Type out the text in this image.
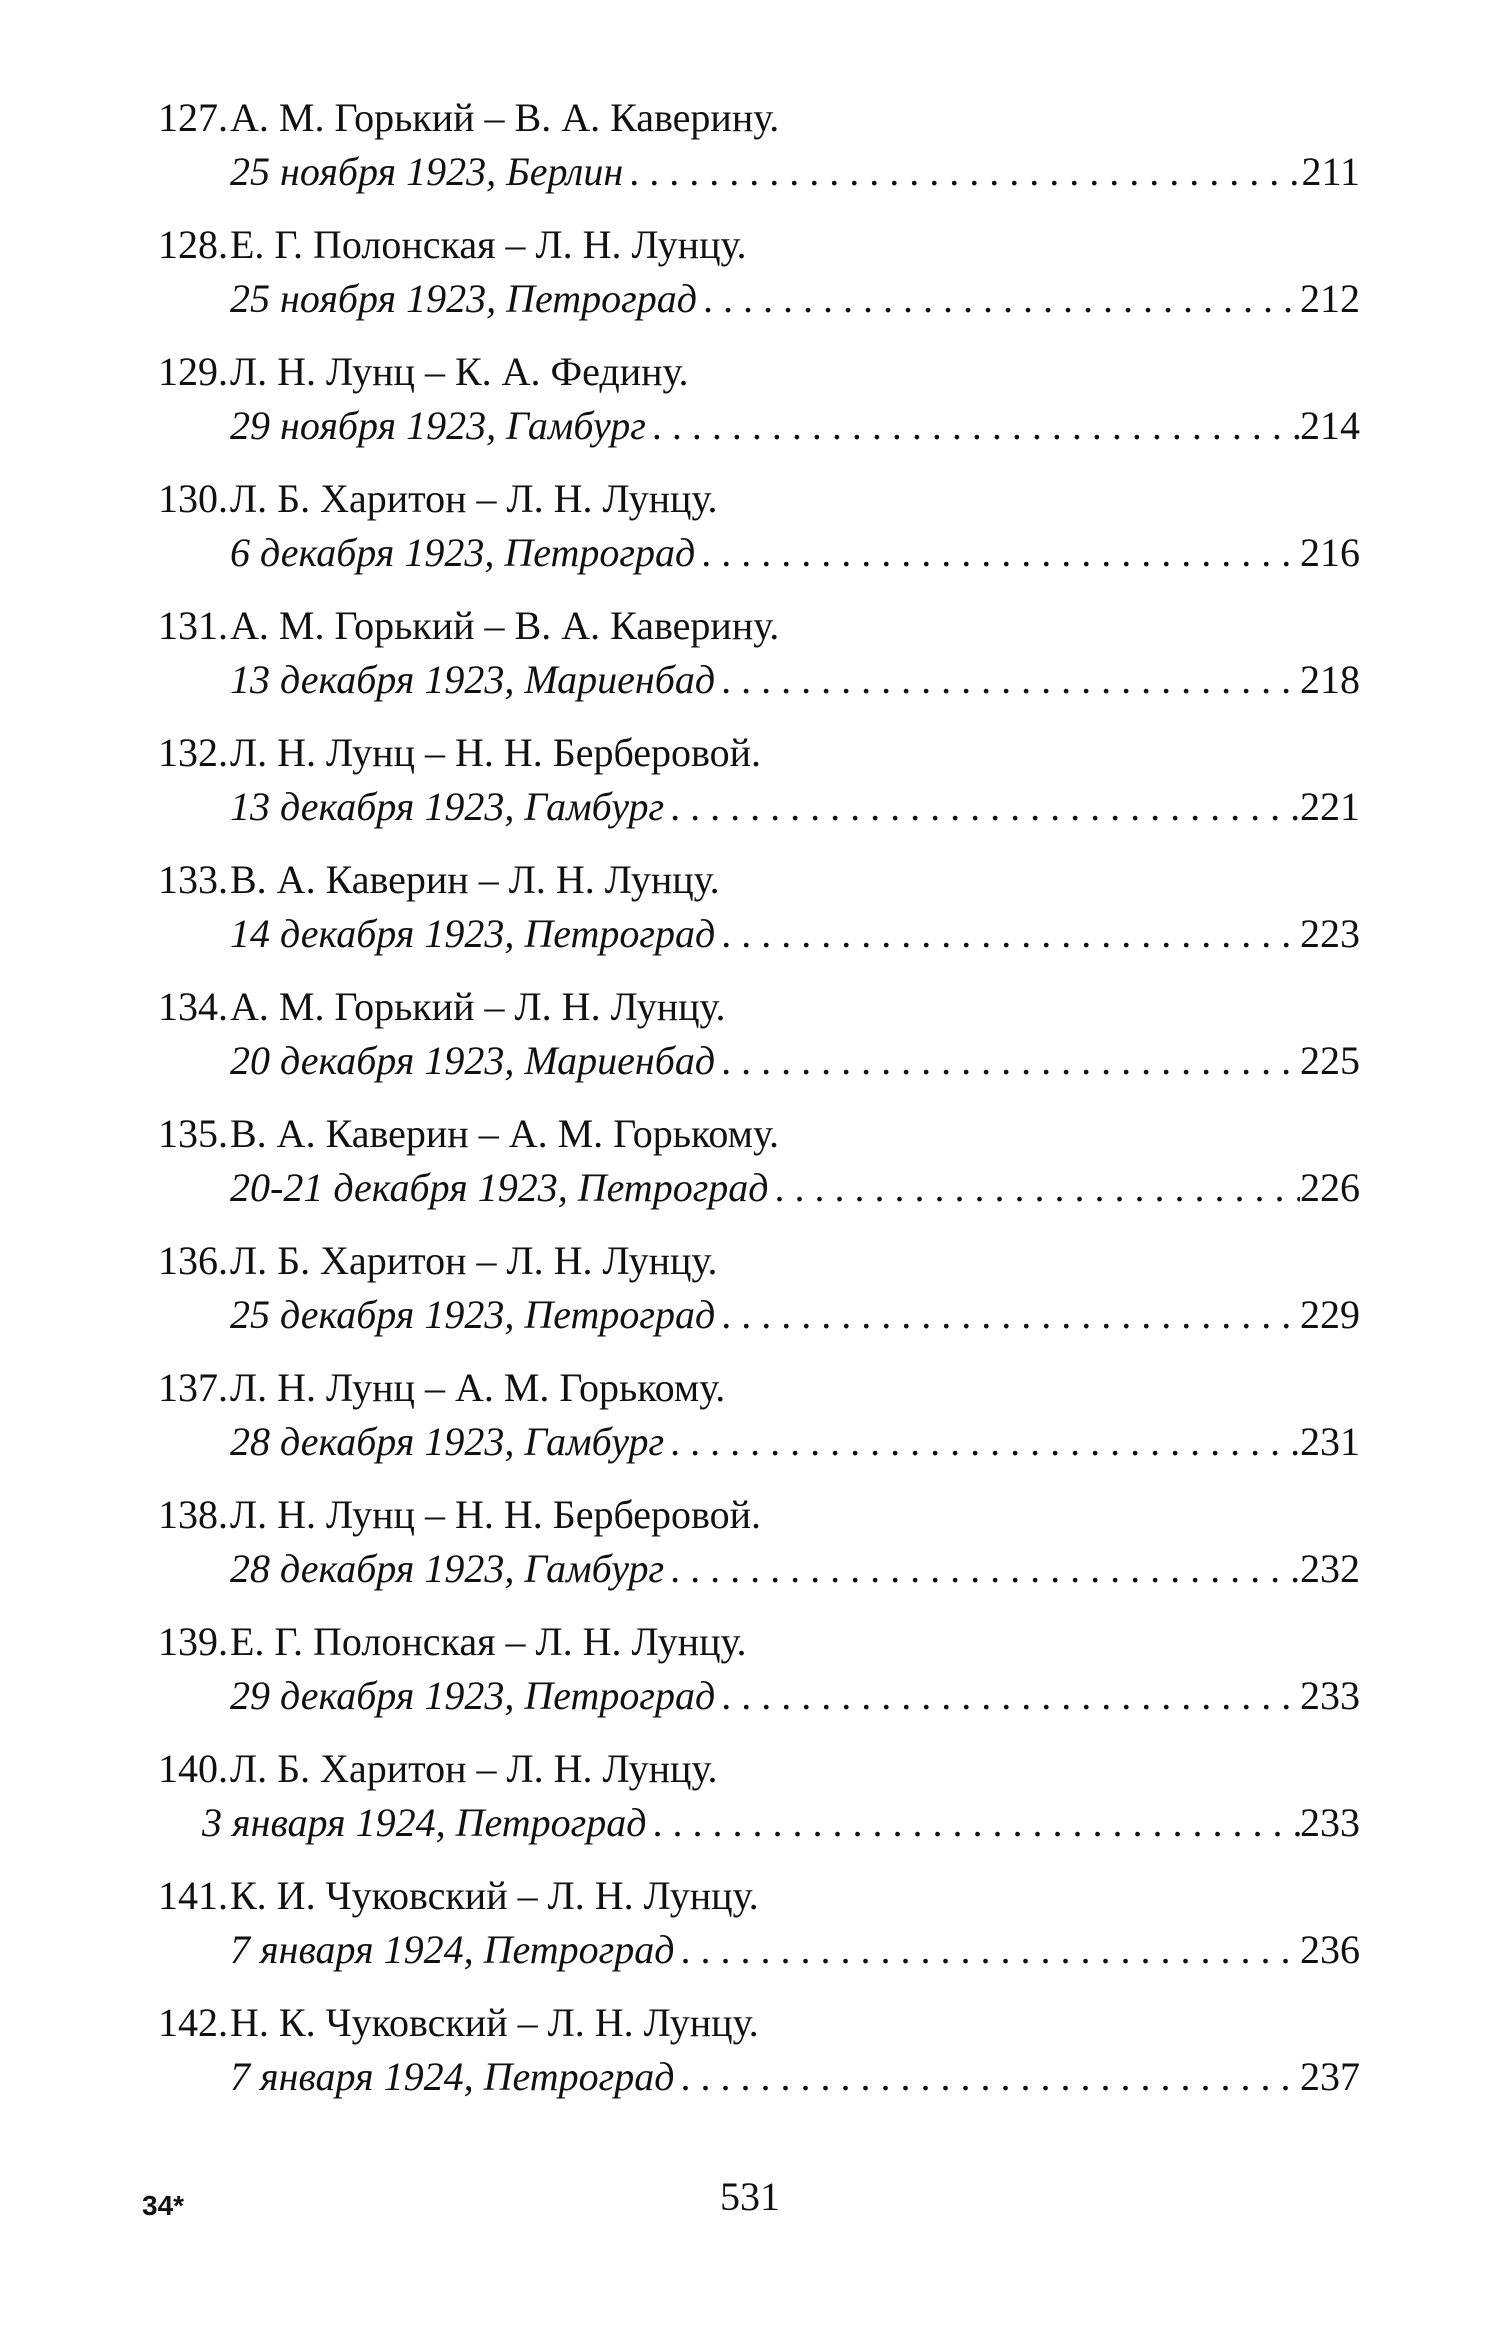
127.А. М. Горький – В. А. Каверину.
25 ноября 1923, Берлин . . .	211
128.Е. Г. Полонская – Л. Н. Лунцу.
25 ноября 1923, Петроград . . .	212
129.Л. Н. Лунц – К. А. Федину.
29 ноября 1923, Гамбург . . .	214
130.Л. Б. Харитон – Л. Н. Лунцу.
6 декабря 1923, Петроград . . .	216
131.А. М. Горький – В. А. Каверину.
13 декабря 1923, Мариенбад . . .	218
132.Л. Н. Лунц – Н. Н. Берберовой.
13 декабря 1923, Гамбург . . .	221
133.В. А. Каверин – Л. Н. Лунцу.
14 декабря 1923, Петроград . . .	223
134.А. М. Горький – Л. Н. Лунцу.
20 декабря 1923, Мариенбад . . .	225
135.В. А. Каверин – А. М. Горькому.
20-21 декабря 1923, Петроград . . .	226
136.Л. Б. Харитон – Л. Н. Лунцу.
25 декабря 1923, Петроград . . .	229
137.Л. Н. Лунц – А. М. Горькому.
28 декабря 1923, Гамбург . . .	231
138.Л. Н. Лунц – Н. Н. Берберовой.
28 декабря 1923, Гамбург . . .	232
139.Е. Г. Полонская – Л. Н. Лунцу.
29 декабря 1923, Петроград . . .	233
140.Л. Б. Харитон – Л. Н. Лунцу.
3 января 1924, Петроград . . .	233
141.К. И. Чуковский – Л. Н. Лунцу.
7 января 1924, Петроград . . .	236
142.Н. К. Чуковский – Л. Н. Лунцу.
7 января 1924, Петроград . . .	237
531
34*
